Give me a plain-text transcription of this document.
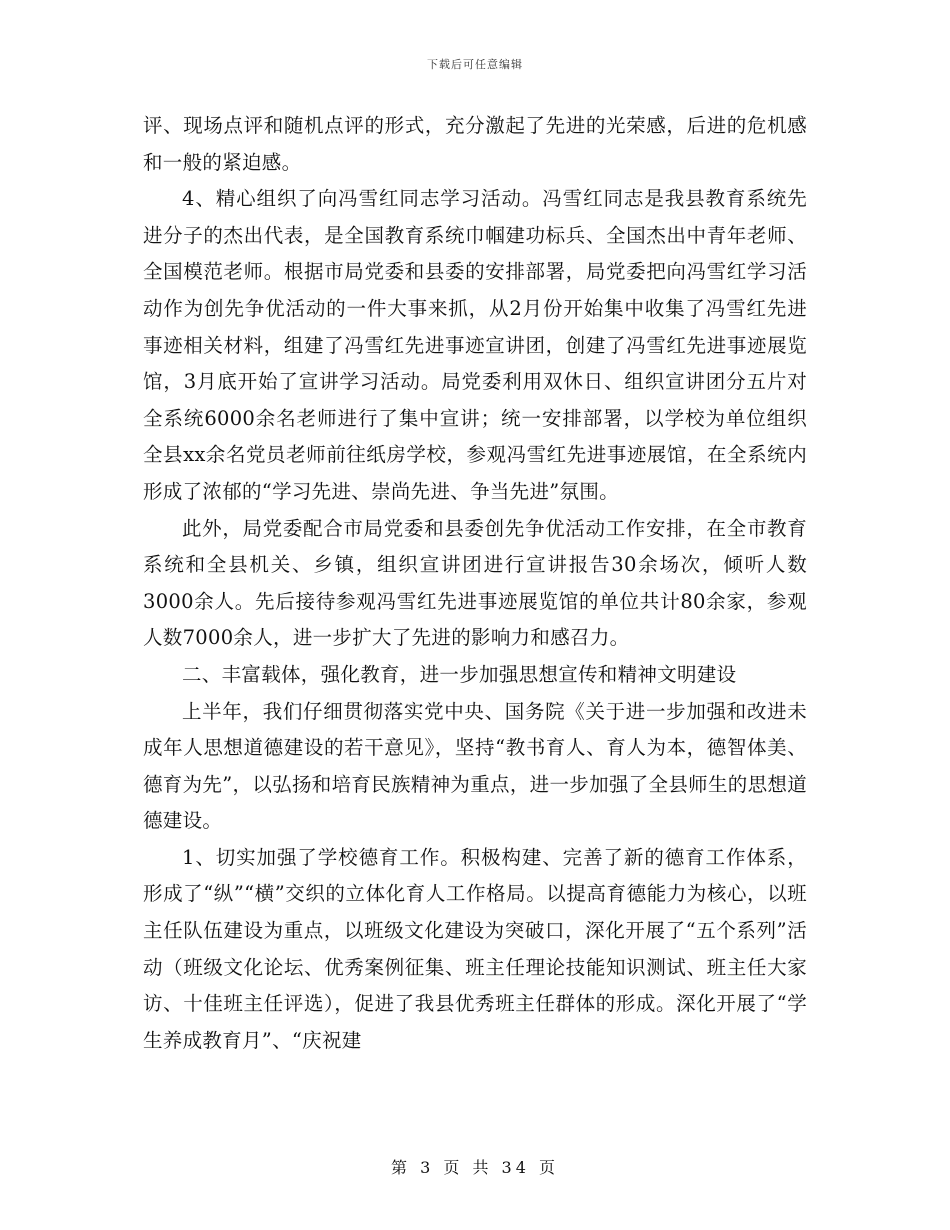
下载后可任意编辑

评、现场点评和随机点评的形式，充分激起了先进的光荣感，后进的危机感和一般的紧迫感。

4、精心组织了向冯雪红同志学习活动。冯雪红同志是我县教育系统先进分子的杰出代表，是全国教育系统巾帼建功标兵、全国杰出中青年老师、全国模范老师。根据市局党委和县委的安排部署，局党委把向冯雪红学习活动作为创先争优活动的一件大事来抓，从2月份开始集中收集了冯雪红先进事迹相关材料，组建了冯雪红先进事迹宣讲团，创建了冯雪红先进事迹展览馆，3月底开始了宣讲学习活动。局党委利用双休日、组织宣讲团分五片对全系统6000余名老师进行了集中宣讲；统一安排部署，以学校为单位组织全县xx余名党员老师前往纸房学校，参观冯雪红先进事迹展馆，在全系统内形成了浓郁的“学习先进、崇尚先进、争当先进”氛围。

此外，局党委配合市局党委和县委创先争优活动工作安排，在全市教育系统和全县机关、乡镇，组织宣讲团进行宣讲报告30余场次，倾听人数3000余人。先后接待参观冯雪红先进事迹展览馆的单位共计80余家，参观人数7000余人，进一步扩大了先进的影响力和感召力。

二、丰富载体，强化教育，进一步加强思想宣传和精神文明建设

上半年，我们仔细贯彻落实党中央、国务院《关于进一步加强和改进未成年人思想道德建设的若干意见》，坚持“教书育人、育人为本，德智体美、德育为先”，以弘扬和培育民族精神为重点，进一步加强了全县师生的思想道德建设。

1、切实加强了学校德育工作。积极构建、完善了新的德育工作体系，形成了“纵”“横”交织的立体化育人工作格局。以提高育德能力为核心，以班主任队伍建设为重点，以班级文化建设为突破口，深化开展了“五个系列”活动（班级文化论坛、优秀案例征集、班主任理论技能知识测试、班主任大家访、十佳班主任评选），促进了我县优秀班主任群体的形成。深化开展了“学生养成教育月”、“庆祝建

第 3 页 共 34 页
